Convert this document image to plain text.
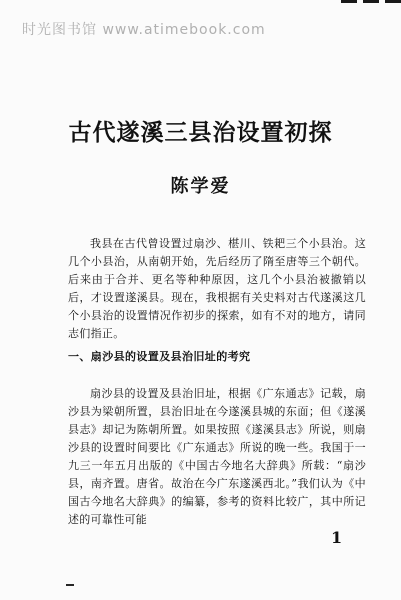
时光图书馆 www.atimebook.com
古代遂溪三县治设置初探
陈学爱
我县在古代曾设置过扇沙、椹川、铁耙三个小县治。这几个小县治，从南朝开始，先后经历了隋至唐等三个朝代。后来由于合并、更名等种种原因，这几个小县治被撤销以后，才设置遂溪县。现在，我根据有关史料对古代遂溪这几个小县治的设置情况作初步的探索，如有不对的地方，请同志们指正。
一、扇沙县的设置及县治旧址的考究
扇沙县的设置及县治旧址，根据《广东通志》记载，扇沙县为梁朝所置，县治旧址在今遂溪县城的东面；但《遂溪县志》却记为陈朝所置。如果按照《遂溪县志》所说，则扇沙县的设置时间要比《广东通志》所说的晚一些。我国于一九三一年五月出版的《中国古今地名大辞典》所载：“扇沙县，南齐置。唐省。故治在今广东遂溪西北。”我们认为《中国古今地名大辞典》的编纂，参考的资料比较广，其中所记述的可靠性可能
1
